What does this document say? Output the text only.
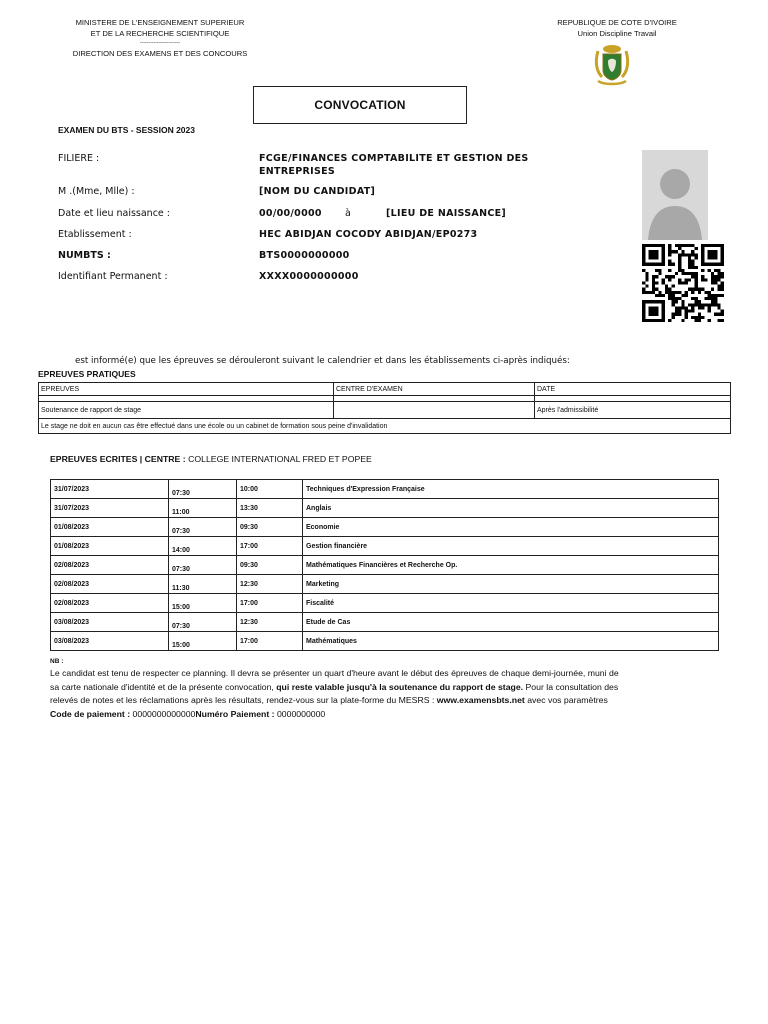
MINISTERE DE L'ENSEIGNEMENT SUPERIEUR
ET DE LA RECHERCHE SCIENTIFIQUE
------------------------
DIRECTION DES EXAMENS ET DES CONCOURS
REPUBLIQUE DE COTE D'IVOIRE
Union Discipline Travail
CONVOCATION
EXAMEN DU BTS - SESSION 2023
FILIERE :	FCGE/FINANCES COMPTABILITE ET GESTION DES
ENTREPRISES
M .(Mme, Mlle) :	[NOM DU CANDIDAT]
Date et lieu naissance :	00/00/0000 à	[LIEU DE NAISSANCE]
Etablissement :	HEC ABIDJAN COCODY ABIDJAN/EP0273
NUMBTS :	BTS0000000000
Identifiant Permanent :	XXXX0000000000
est informé(e) que les épreuves se dérouleront suivant le calendrier et dans les établissements ci-après indiqués:
EPREUVES PRATIQUES
EPREUVES	CENTRE D'EXAMEN	DATE

Soutenance de rapport de stage		Après l'admissibilité
Le stage ne doit en aucun cas être effectué dans une école ou un cabinet de formation sous peine d'invalidation		
EPREUVES ECRITES | CENTRE : COLLEGE INTERNATIONAL FRED ET POPEE
31/07/2023	07:30	10:00	Techniques d'Expression Française
31/07/2023	11:00	13:30	Anglais
01/08/2023	07:30	09:30	Economie
01/08/2023	14:00	17:00	Gestion financière
02/08/2023	07:30	09:30	Mathématiques Financières et Recherche Op.
02/08/2023	11:30	12:30	Marketing
02/08/2023	15:00	17:00	Fiscalité
03/08/2023	07:30	12:30	Etude de Cas
03/08/2023	15:00	17:00	Mathématiques
NB :
Le candidat est tenu de respecter ce planning. Il devra se présenter un quart d'heure avant le début des épreuves de chaque demi-journée, muni de
sa carte nationale d'identité et de la présente convocation, qui reste valable jusqu'à la soutenance du rapport de stage. Pour la consultation des
relevés de notes et les réclamations après les résultats, rendez-vous sur la plate-forme du MESRS : www.examensbts.net avec vos paramètres
Code de paiement : 0000000000000Numéro Paiement : 0000000000
